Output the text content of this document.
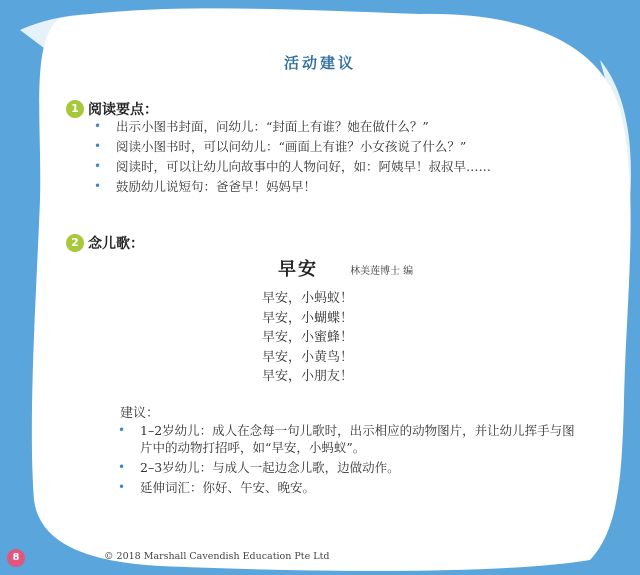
活动建议
1 阅读要点：
• 出示小图书封面，问幼儿：“封面上有谁？她在做什么？”
• 阅读小图书时，可以问幼儿：“画面上有谁？小女孩说了什么？”
• 阅读时，可以让幼儿向故事中的人物问好，如：阿姨早！叔叔早……
• 鼓励幼儿说短句：爸爸早！妈妈早！
2 念儿歌：
早安	林美莲博士 编
早安，小蚂蚁！
早安，小蝴蝶！
早安，小蜜蜂！
早安，小黄鸟！
早安，小朋友！
建议：
• 1–2岁幼儿：成人在念每一句儿歌时，出示相应的动物图片，并让幼儿挥手与图片中的动物打招呼，如“早安，小蚂蚁”。
• 2–3岁幼儿：与成人一起边念儿歌，边做动作。
• 延伸词汇：你好、午安、晚安。
8	© 2018 Marshall Cavendish Education Pte Ltd
